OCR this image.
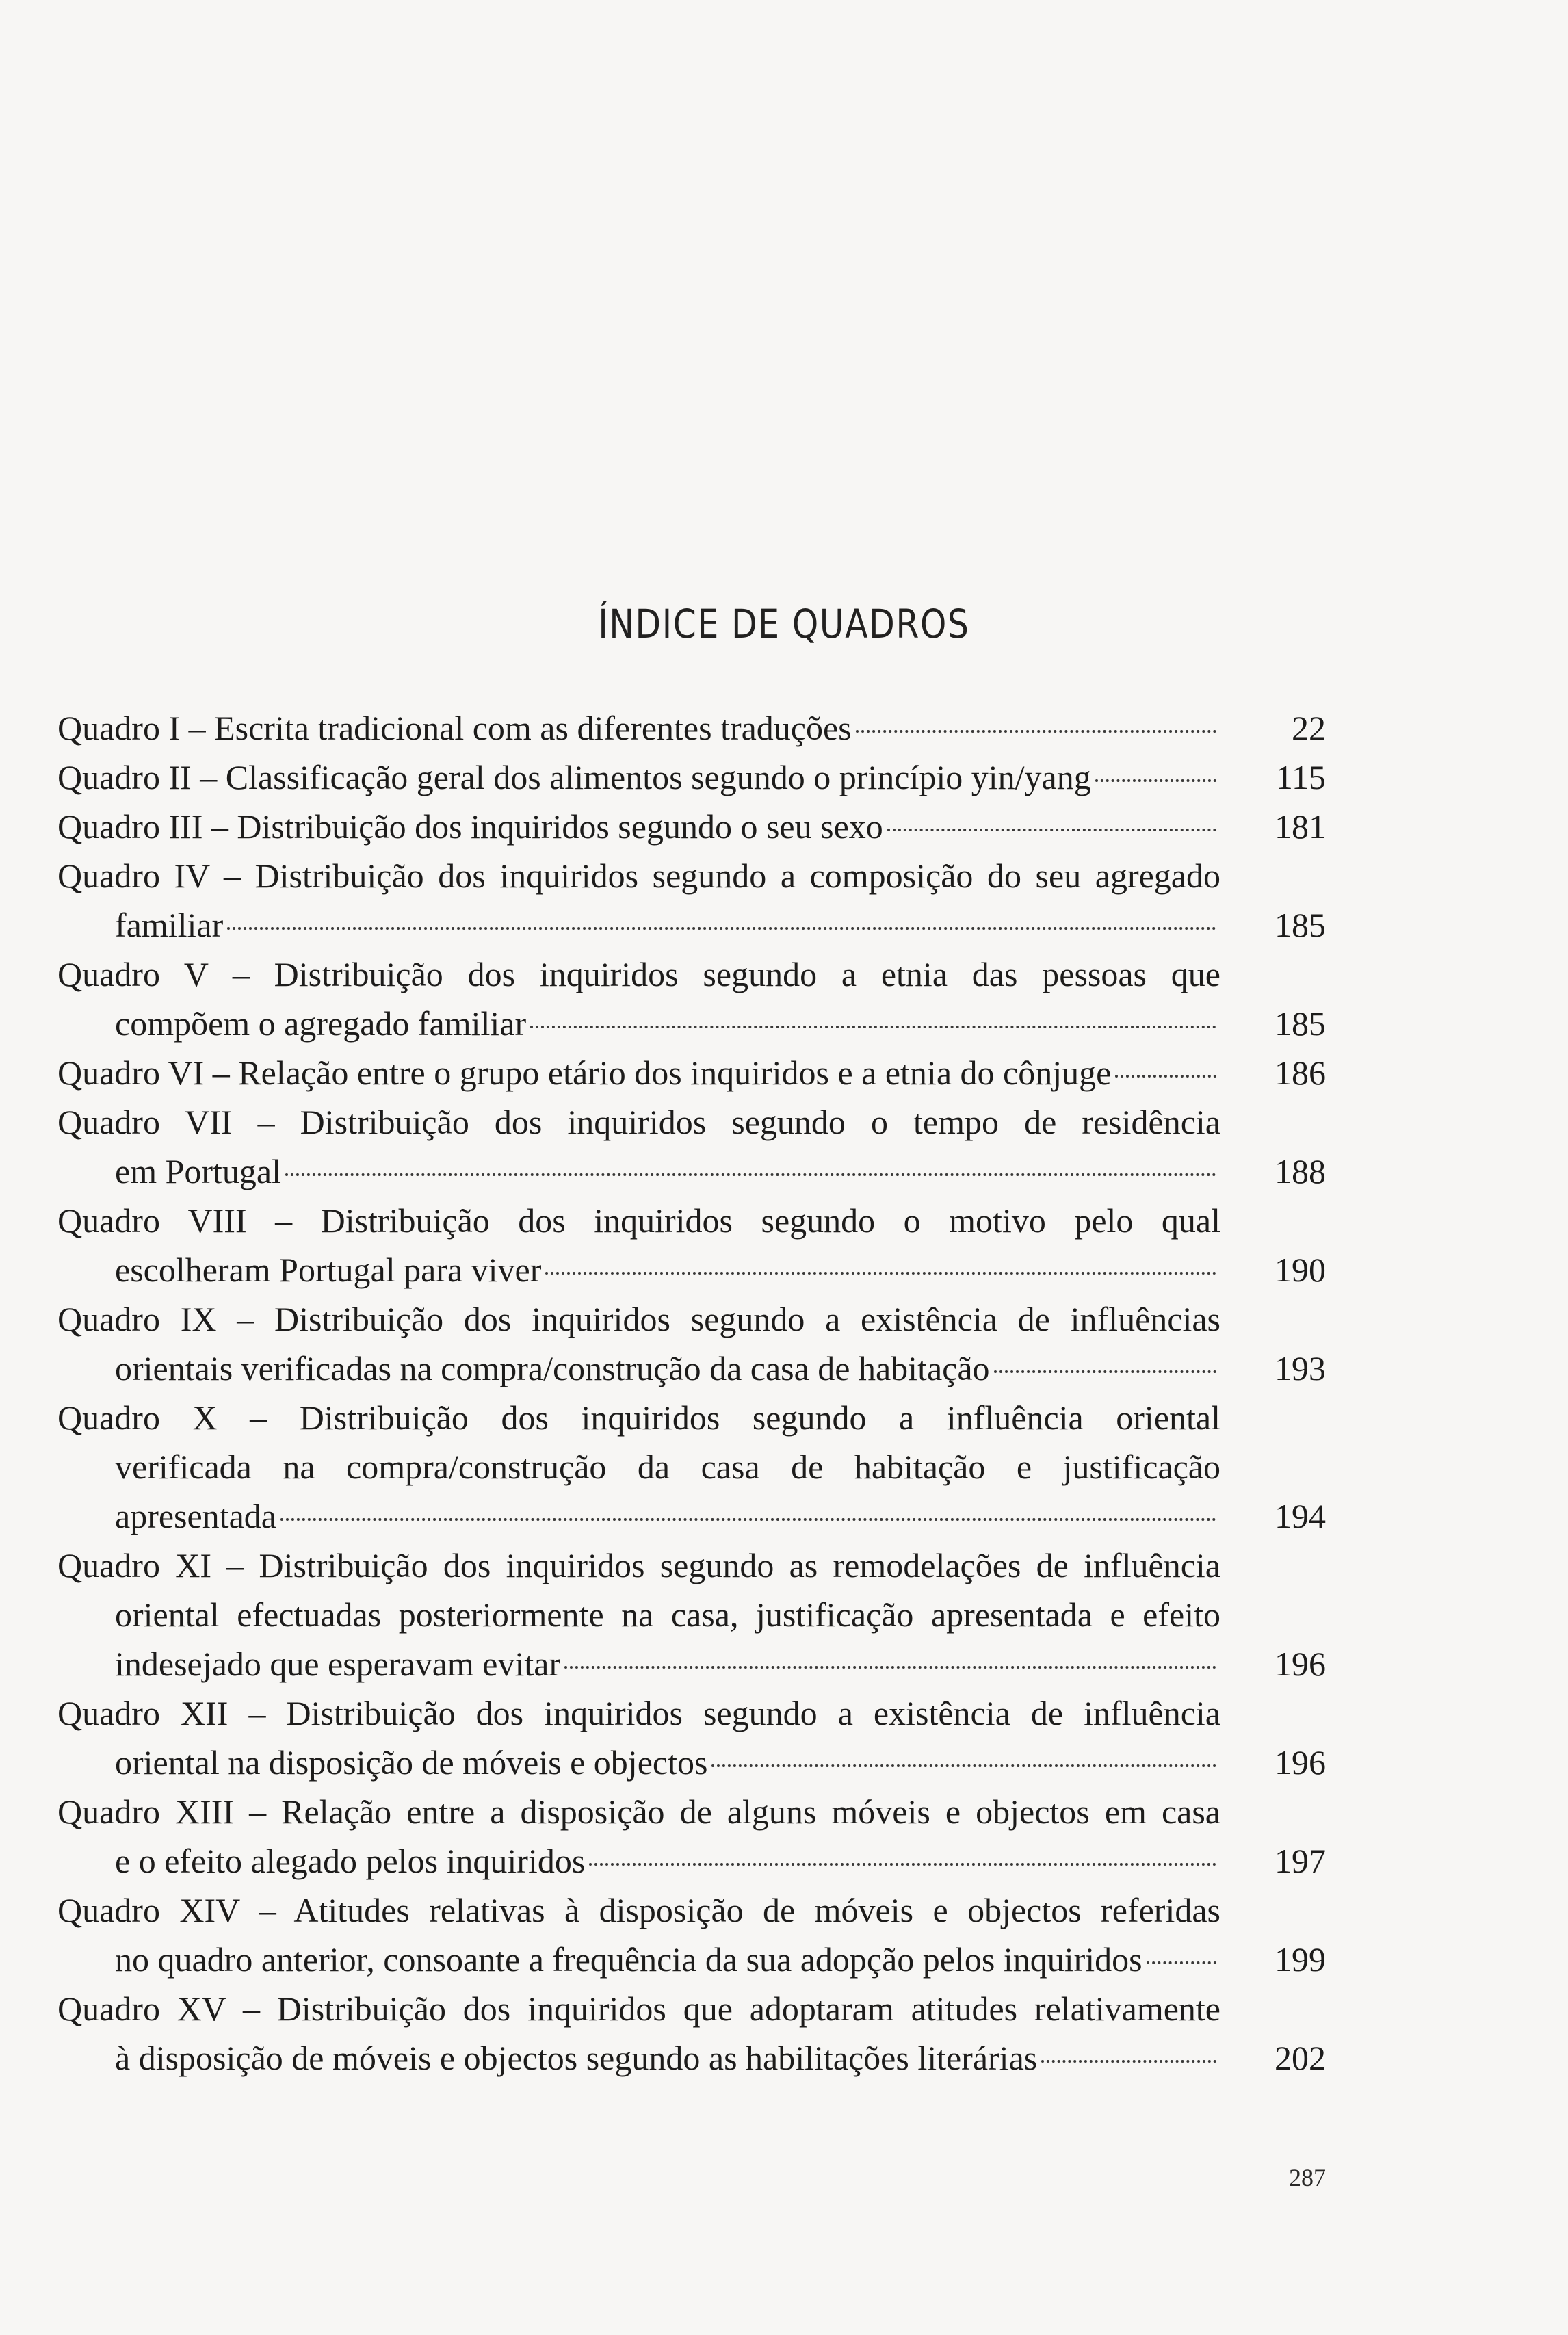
ÍNDICE DE QUADROS
Quadro I – Escrita tradicional com as diferentes traduções	22
Quadro II – Classificação geral dos alimentos segundo o princípio yin/yang	115
Quadro III – Distribuição dos inquiridos segundo o seu sexo	181
Quadro IV – Distribuição dos inquiridos segundo a composição do seu agregado
familiar	185
Quadro V – Distribuição dos inquiridos segundo a etnia das pessoas que
compõem o agregado familiar	185
Quadro VI – Relação entre o grupo etário dos inquiridos e a etnia do cônjuge	186
Quadro VII – Distribuição dos inquiridos segundo o tempo de residência
em Portugal	188
Quadro VIII – Distribuição dos inquiridos segundo o motivo pelo qual
escolheram Portugal para viver	190
Quadro IX – Distribuição dos inquiridos segundo a existência de influências
orientais verificadas na compra/construção da casa de habitação	193
Quadro X – Distribuição dos inquiridos segundo a influência oriental
verificada na compra/construção da casa de habitação e justificação
apresentada	194
Quadro XI – Distribuição dos inquiridos segundo as remodelações de influência
oriental efectuadas posteriormente na casa, justificação apresentada e efeito
indesejado que esperavam evitar	196
Quadro XII – Distribuição dos inquiridos segundo a existência de influência
oriental na disposição de móveis e objectos	196
Quadro XIII – Relação entre a disposição de alguns móveis e objectos em casa
e o efeito alegado pelos inquiridos	197
Quadro XIV – Atitudes relativas à disposição de móveis e objectos referidas
no quadro anterior, consoante a frequência da sua adopção pelos inquiridos	199
Quadro XV – Distribuição dos inquiridos que adoptaram atitudes relativamente
à disposição de móveis e objectos segundo as habilitações literárias	202
287
